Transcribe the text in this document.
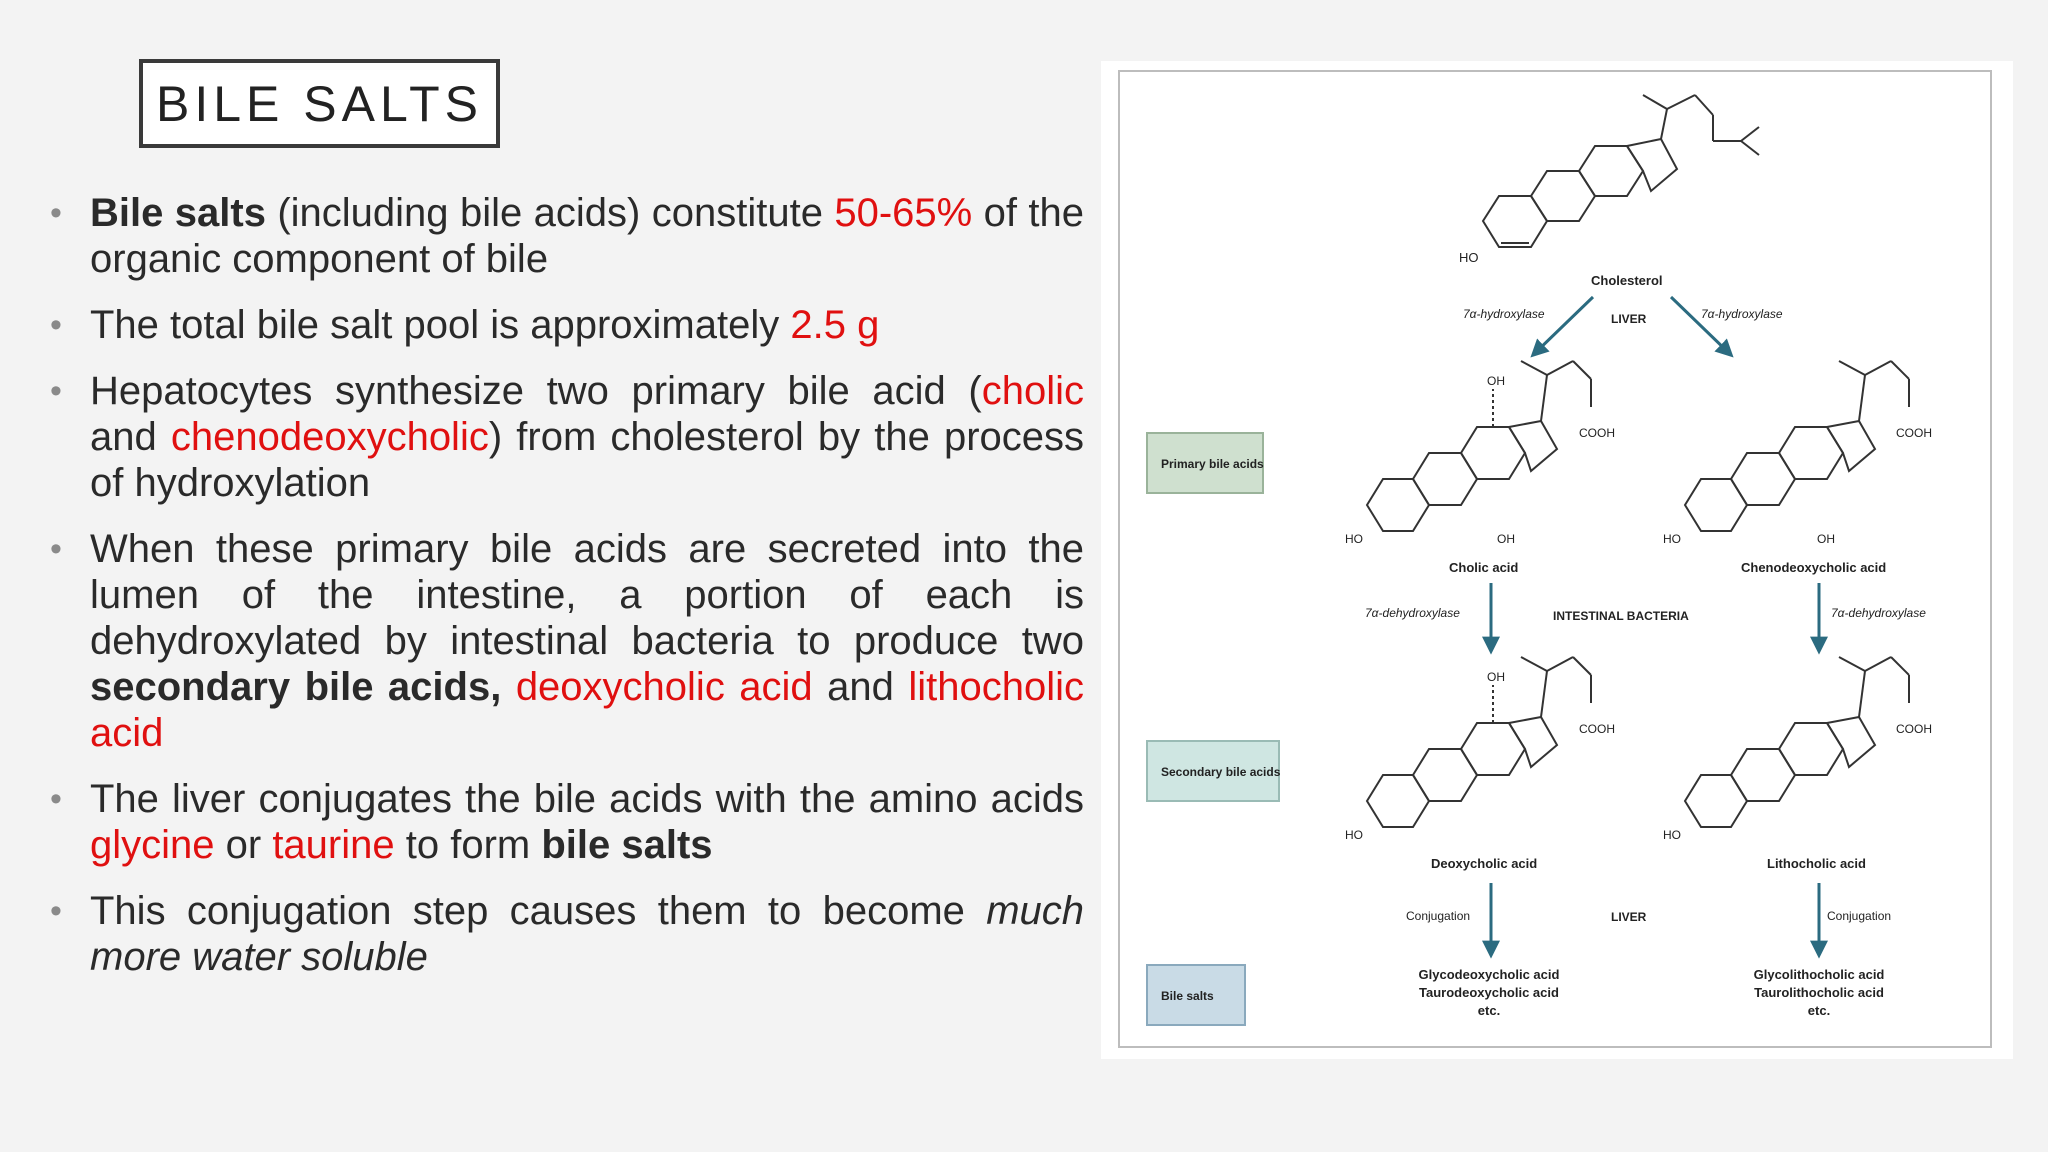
BILE SALTS
• Bile salts (including bile acids) constitute 50-65% of the organic component of bile
• The total bile salt pool is approximately 2.5 g
• Hepatocytes synthesize two primary bile acid (cholic and chenodeoxycholic) from cholesterol by the process of hydroxylation
• When these primary bile acids are secreted into the lumen of the intestine, a portion of each is dehydroxylated by intestinal bacteria to produce two secondary bile acids, deoxycholic acid and lithocholic acid
• The liver conjugates the bile acids with the amino acids glycine or taurine to form bile salts
• This conjugation step causes them to become much more water soluble
HO
Cholesterol
7α-hydroxylase	7α-hydroxylase
LIVER
Primary bile acids
OH
COOH
HO	OH
Cholic acid
COOH
HO	OH
Chenodeoxycholic acid
7α-dehydroxylase	7α-dehydroxylase
INTESTINAL BACTERIA
Secondary bile acids
OH
COOH
HO
Deoxycholic acid
COOH
HO
Lithocholic acid
Conjugation	Conjugation
LIVER
Bile salts
Glycodeoxycholic acid
Taurodeoxycholic acid
etc.
Glycolithocholic acid
Taurolithocholic acid
etc.
